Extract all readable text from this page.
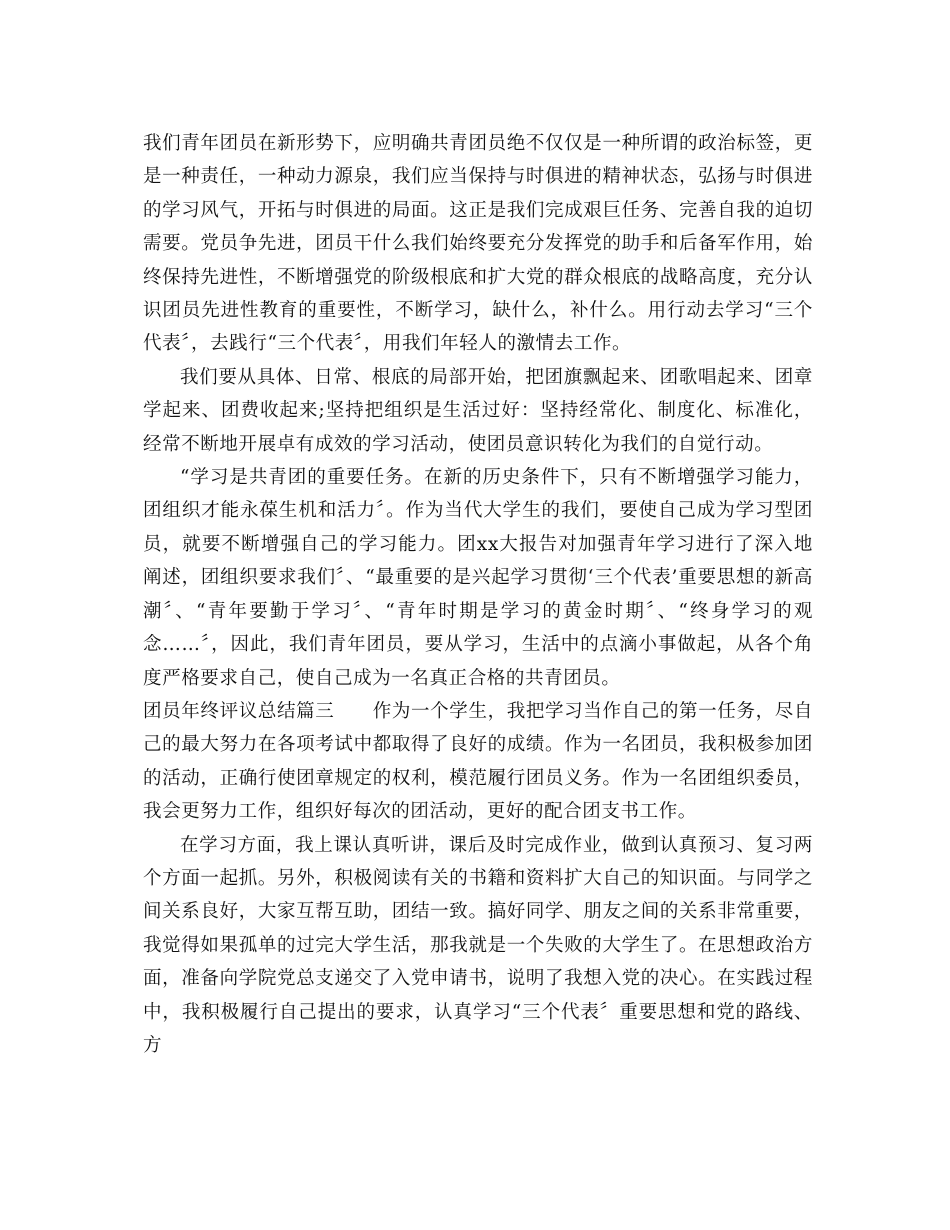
我们青年团员在新形势下，应明确共青团员绝不仅仅是一种所谓的政治标签，更是一种责任，一种动力源泉，我们应当保持与时俱进的精神状态，弘扬与时俱进的学习风气，开拓与时俱进的局面。这正是我们完成艰巨任务、完善自我的迫切需要。党员争先进，团员干什么我们始终要充分发挥党的助手和后备军作用，始终保持先进性，不断增强党的阶级根底和扩大党的群众根底的战略高度，充分认识团员先进性教育的重要性，不断学习，缺什么，补什么。用行动去学习“三个代表〞，去践行“三个代表〞，用我们年轻人的激情去工作。

我们要从具体、日常、根底的局部开始，把团旗飘起来、团歌唱起来、团章学起来、团费收起来;坚持把组织是生活过好：坚持经常化、制度化、标准化，经常不断地开展卓有成效的学习活动，使团员意识转化为我们的自觉行动。

“学习是共青团的重要任务。在新的历史条件下，只有不断增强学习能力，团组织才能永葆生机和活力〞。作为当代大学生的我们，要使自己成为学习型团员，就要不断增强自己的学习能力。团xx大报告对加强青年学习进行了深入地阐述，团组织要求我们〞、“最重要的是兴起学习贯彻‘三个代表’重要思想的新高潮〞、“青年要勤于学习〞、“青年时期是学习的黄金时期〞、“终身学习的观念……〞，因此，我们青年团员，要从学习，生活中的点滴小事做起，从各个角度严格要求自己，使自己成为一名真正合格的共青团员。

团员年终评议总结篇三　　作为一个学生，我把学习当作自己的第一任务，尽自己的最大努力在各项考试中都取得了良好的成绩。作为一名团员，我积极参加团的活动，正确行使团章规定的权利，模范履行团员义务。作为一名团组织委员，我会更努力工作，组织好每次的团活动，更好的配合团支书工作。

在学习方面，我上课认真听讲，课后及时完成作业，做到认真预习、复习两个方面一起抓。另外，积极阅读有关的书籍和资料扩大自己的知识面。与同学之间关系良好，大家互帮互助，团结一致。搞好同学、朋友之间的关系非常重要，我觉得如果孤单的过完大学生活，那我就是一个失败的大学生了。在思想政治方面，准备向学院党总支递交了入党申请书，说明了我想入党的决心。在实践过程中，我积极履行自己提出的要求，认真学习“三个代表〞重要思想和党的路线、方
